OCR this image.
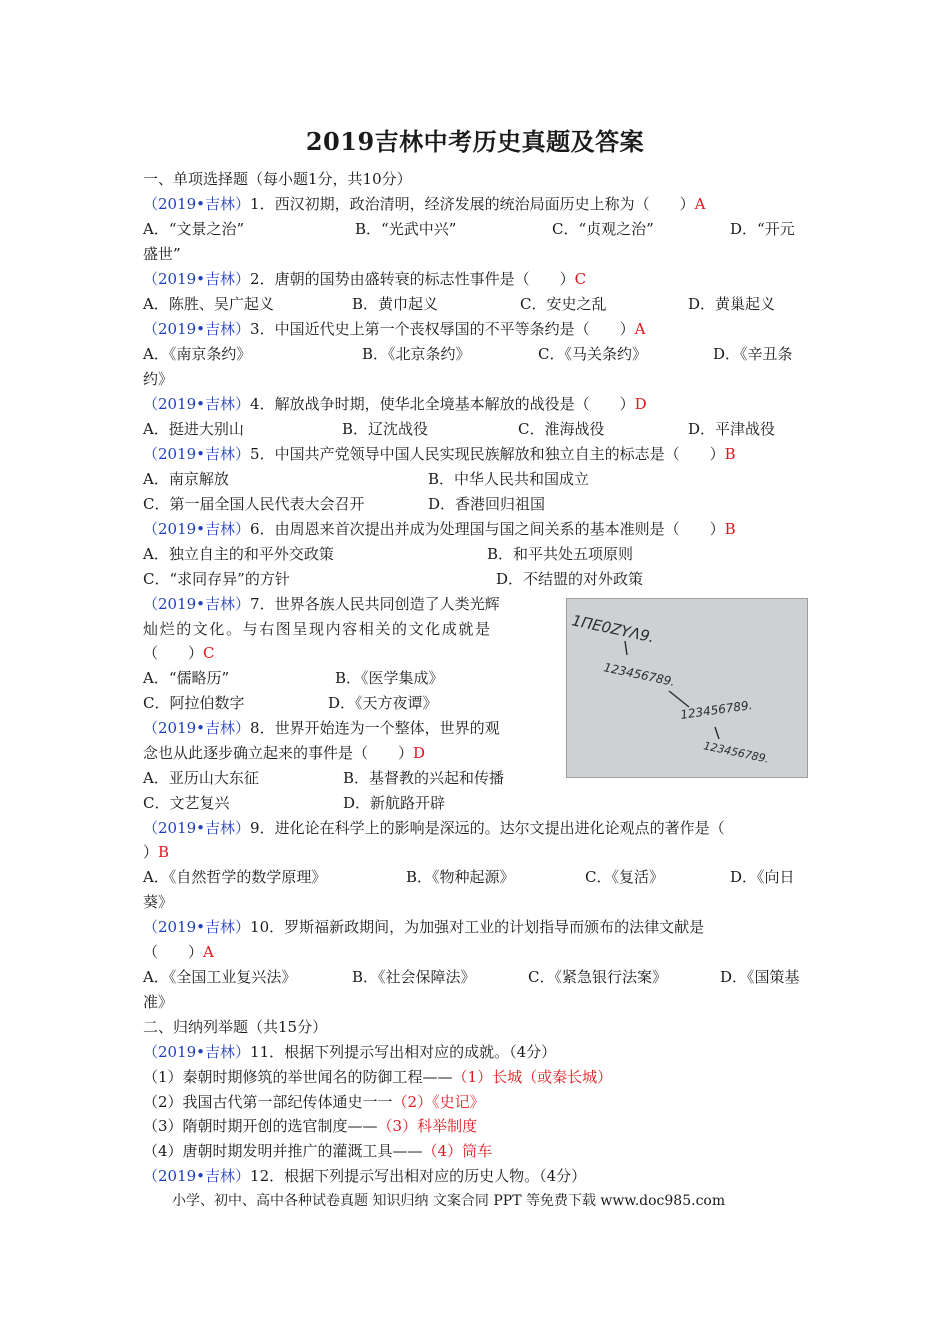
2019吉林中考历史真题及答案
一、单项选择题（每小题1分，共10分）
（2019•吉林）1．西汉初期，政治清明，经济发展的统治局面历史上称为（　　）A
A．“文景之治”	B．“光武中兴”	C．“贞观之治”	D．“开元
盛世”
（2019•吉林）2．唐朝的国势由盛转衰的标志性事件是（　　）C
A．陈胜、吴广起义	B．黄巾起义	C．安史之乱	D．黄巢起义
（2019•吉林）3．中国近代史上第一个丧权辱国的不平等条约是（　　）A
A．《南京条约》	B．《北京条约》	C．《马关条约》	D．《辛丑条
约》
（2019•吉林）4．解放战争时期，使华北全境基本解放的战役是（　　）D
A．挺进大别山	B．辽沈战役	C．淮海战役	D．平津战役
（2019•吉林）5．中国共产党领导中国人民实现民族解放和独立自主的标志是（　　）B
A．南京解放	B．中华人民共和国成立
C．第一届全国人民代表大会召开	D．香港回归祖国
（2019•吉林）6．由周恩来首次提出并成为处理国与国之间关系的基本准则是（　　）B
A．独立自主的和平外交政策	B．和平共处五项原则
C．“求同存异”的方针	D．不结盟的对外政策
（2019•吉林）7．世界各族人民共同创造了人类光辉
灿烂的文化。与右图呈现内容相关的文化成就是
（　　）C
A．“儒略历”	B．《医学集成》
C．阿拉伯数字	D．《天方夜谭》
1ΠΕ0ΖΥΛ9.
123456789.
123456789.
123456789.
（2019•吉林）8．世界开始连为一个整体，世界的观
念也从此逐步确立起来的事件是（　　）D
A．亚历山大东征	B．基督教的兴起和传播
C．文艺复兴	D．新航路开辟
（2019•吉林）9．进化论在科学上的影响是深远的。达尔文提出进化论观点的著作是（
）B
A．《自然哲学的数学原理》	B．《物种起源》	C．《复活》	D．《向日
葵》
（2019•吉林）10．罗斯福新政期间，为加强对工业的计划指导而颁布的法律文献是
（　　）A
A．《全国工业复兴法》	B．《社会保障法》	C．《紧急银行法案》	D．《国策基
准》
二、归纳列举题（共15分）
（2019•吉林）11．根据下列提示写出相对应的成就。（4分）
（1）秦朝时期修筑的举世闻名的防御工程——（1）长城（或秦长城）
（2）我国古代第一部纪传体通史一一（2）《史记》
（3）隋朝时期开创的选官制度——（3）科举制度
（4）唐朝时期发明并推广的灌溉工具——（4）筒车
（2019•吉林）12．根据下列提示写出相对应的历史人物。（4分）
小学、初中、高中各种试卷真题 知识归纳 文案合同 PPT 等免费下载 www.doc985.com
